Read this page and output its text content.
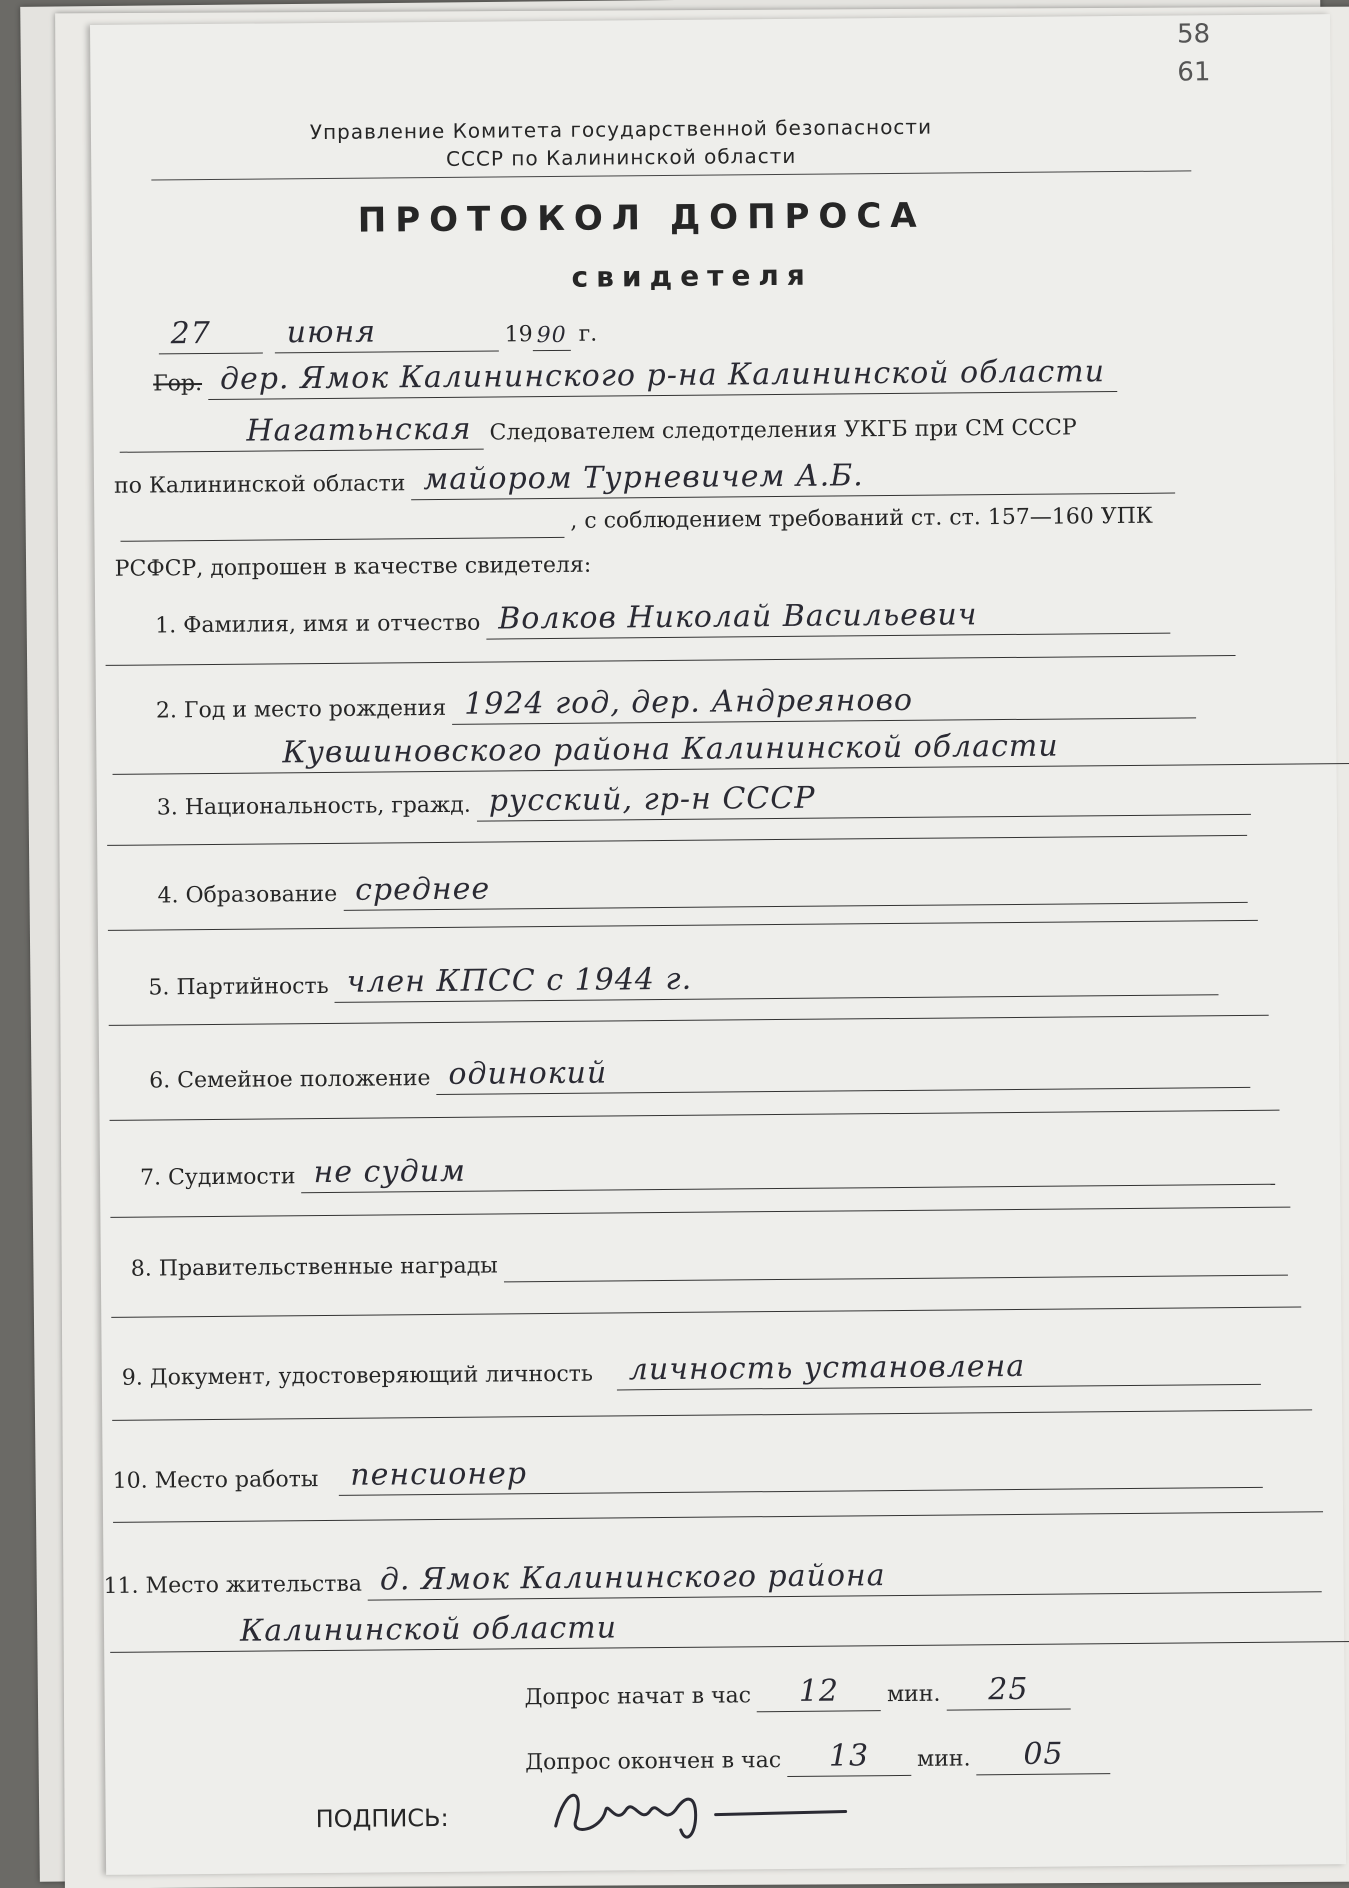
58
61
Управление Комитета государственной безопасности
СССР по Калининской области
ПРОТОКОЛ ДОПРОСА
свидетеля
27	июня	19 90 г.
Гор. дер. Ямок Калининского р-на Калининской области
Нагатьнская Следователем следотделения УКГБ при СМ СССР
по Калининской области майором Турневичем А.Б.
, с соблюдением требований ст. ст. 157—160 УПК
РСФСР, допрошен в качестве свидетеля:
1. Фамилия, имя и отчество Волков Николай Васильевич
2. Год и место рождения 1924 год, дер. Андреяново
Кувшиновского района Калининской области
3. Национальность, гражд. русский, гр-н СССР
4. Образование среднее
5. Партийность член КПСС с 1944 г.
6. Семейное положение одинокий
7. Судимости не судим
8. Правительственные награды
9. Документ, удостоверяющий личность	личность установлена
10. Место работы	пенсионер
11. Место жительства д. Ямок Калининского района
Калининской области
Допрос начат в час	12	мин.	25
Допрос окончен в час	13	мин.	05
ПОДПИСЬ:
